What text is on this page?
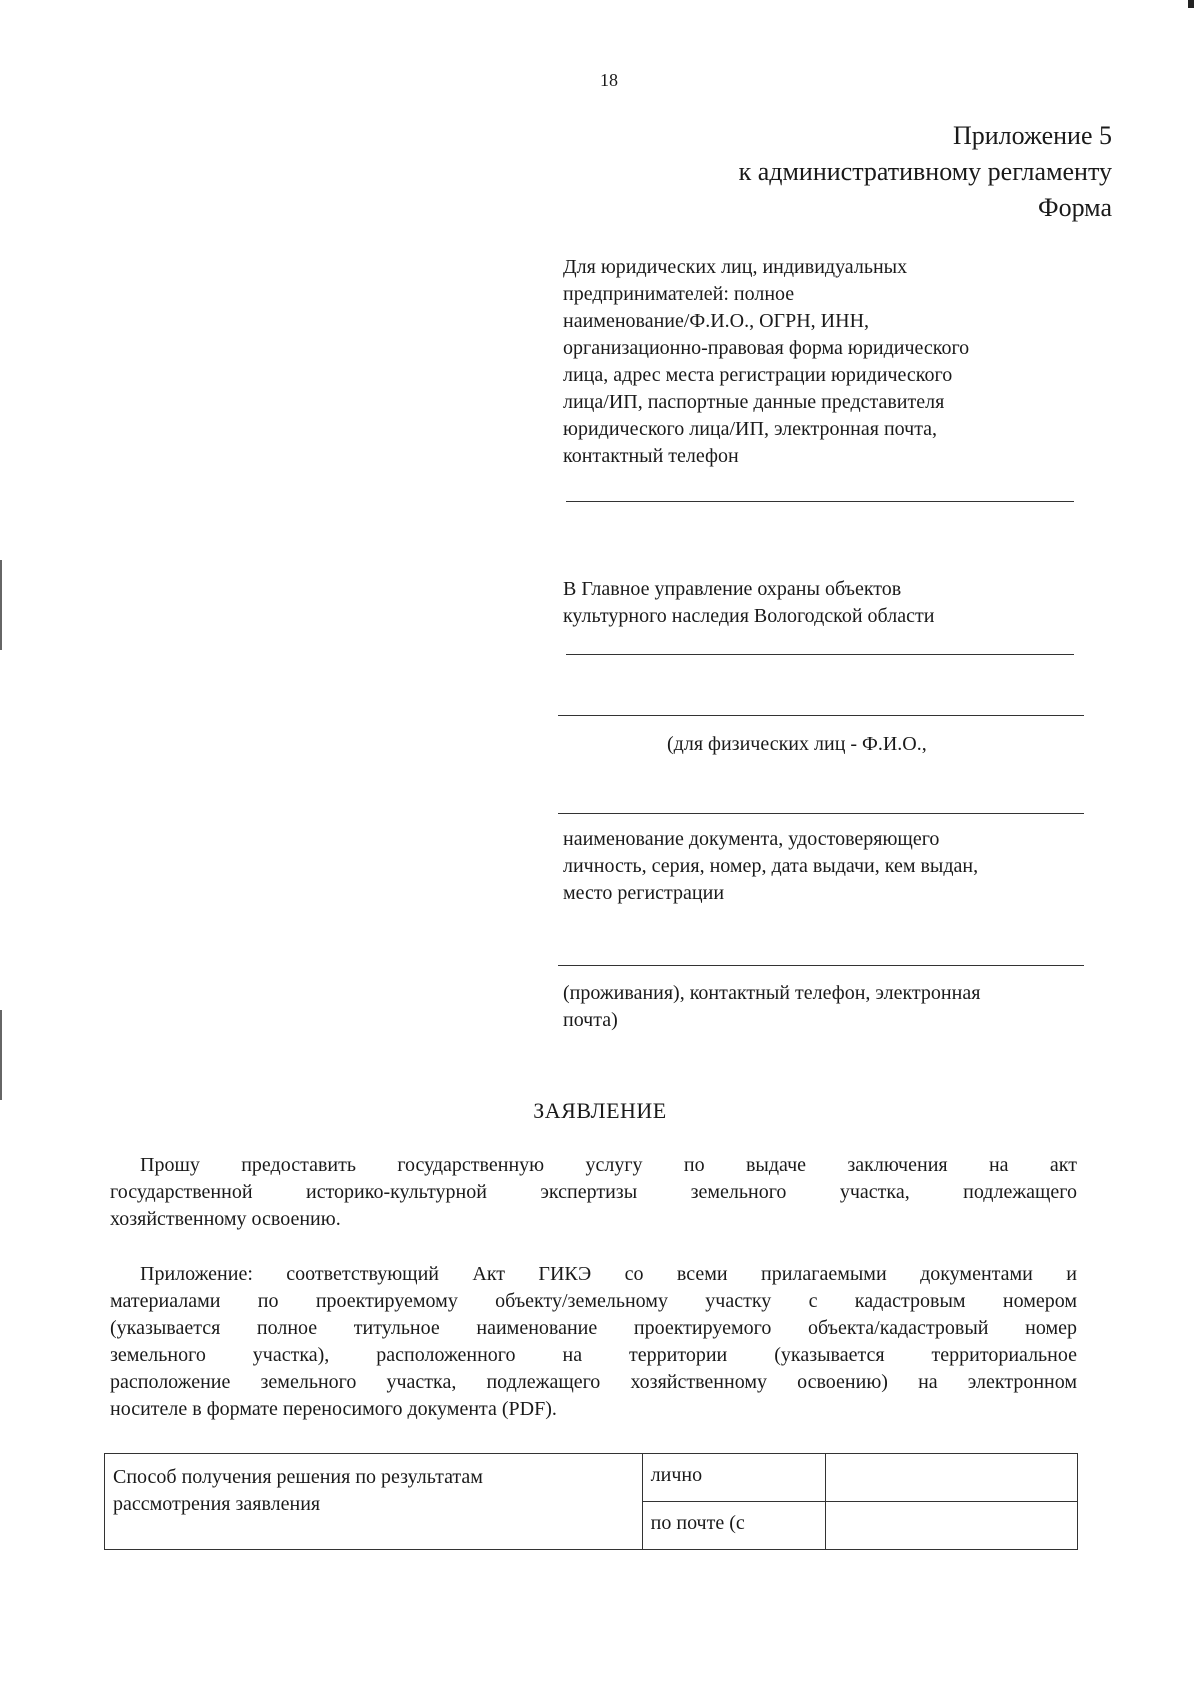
18
Приложение 5
к административному регламенту
Форма
Для юридических лиц, индивидуальных
предпринимателей: полное
наименование/Ф.И.О., ОГРН, ИНН,
организационно-правовая форма юридического
лица, адрес места регистрации юридического
лица/ИП, паспортные данные представителя
юридического лица/ИП, электронная почта,
контактный телефон
В Главное управление охраны объектов
культурного наследия Вологодской области
(для физических лиц - Ф.И.О.,
наименование документа, удостоверяющего
личность, серия, номер, дата выдачи, кем выдан,
место регистрации
(проживания), контактный телефон, электронная
почта)
ЗАЯВЛЕНИЕ
Прошу предоставить государственную услугу по выдаче заключения на акт
государственной историко-культурной экспертизы земельного участка, подлежащего
хозяйственному освоению.
Приложение: соответствующий Акт ГИКЭ со всеми прилагаемыми документами и
материалами по проектируемому объекту/земельному участку с кадастровым номером
(указывается полное титульное наименование проектируемого объекта/кадастровый номер
земельного участка), расположенного на территории (указывается территориальное
расположение земельного участка, подлежащего хозяйственному освоению) на электронном
носителе в формате переносимого документа (PDF).
Способ получения решения по результатам
рассмотрения заявления	лично	
	по почте (с	
